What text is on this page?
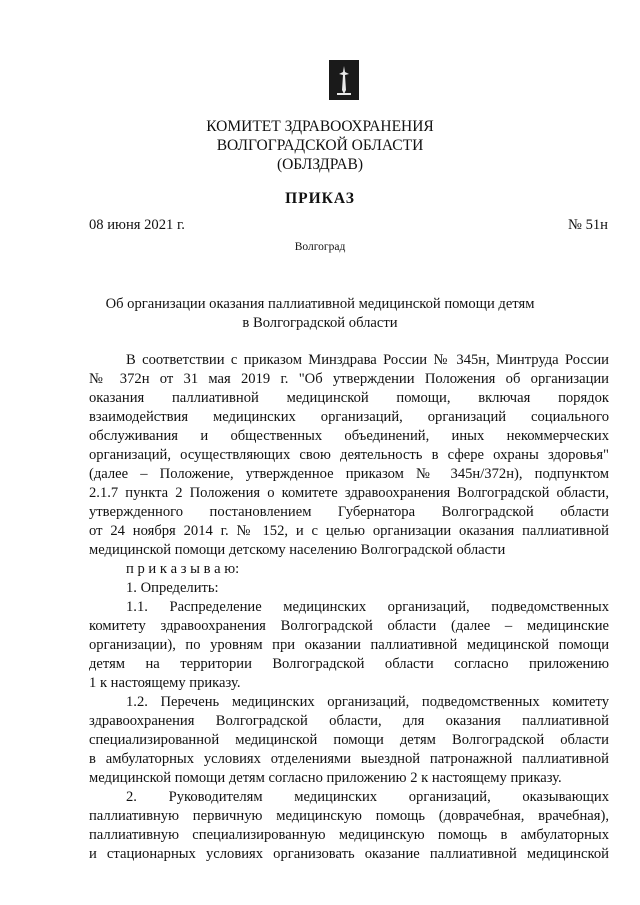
КОМИТЕТ ЗДРАВООХРАНЕНИЯ
ВОЛГОГРАДСКОЙ ОБЛАСТИ
(ОБЛЗДРАВ)
ПРИКАЗ
08 июня 2021 г.	№ 51н
Волгоград
Об организации оказания паллиативной медицинской помощи детям
в Волгоградской области
В соответствии с приказом Минздрава России № 345н, Минтруда России
№ 372н от 31 мая 2019 г. "Об утверждении Положения об организации
оказания паллиативной медицинской помощи, включая порядок
взаимодействия медицинских организаций, организаций социального
обслуживания и общественных объединений, иных некоммерческих
организаций, осуществляющих свою деятельность в сфере охраны здоровья"
(далее – Положение, утвержденное приказом № 345н/372н), подпунктом
2.1.7 пункта 2 Положения о комитете здравоохранения Волгоградской области,
утвержденного постановлением Губернатора Волгоградской области
от 24 ноября 2014 г. № 152, и с целью организации оказания паллиативной
медицинской помощи детскому населению Волгоградской области
п р и к а з ы в а ю:
1. Определить:
1.1. Распределение медицинских организаций, подведомственных
комитету здравоохранения Волгоградской области (далее – медицинские
организации), по уровням при оказании паллиативной медицинской помощи
детям на территории Волгоградской области согласно приложению
1 к настоящему приказу.
1.2. Перечень медицинских организаций, подведомственных комитету
здравоохранения Волгоградской области, для оказания паллиативной
специализированной медицинской помощи детям Волгоградской области
в амбулаторных условиях отделениями выездной патронажной паллиативной
медицинской помощи детям согласно приложению 2 к настоящему приказу.
2. Руководителям медицинских организаций, оказывающих
паллиативную первичную медицинскую помощь (доврачебная, врачебная),
паллиативную специализированную медицинскую помощь в амбулаторных
и стационарных условиях организовать оказание паллиативной медицинской
